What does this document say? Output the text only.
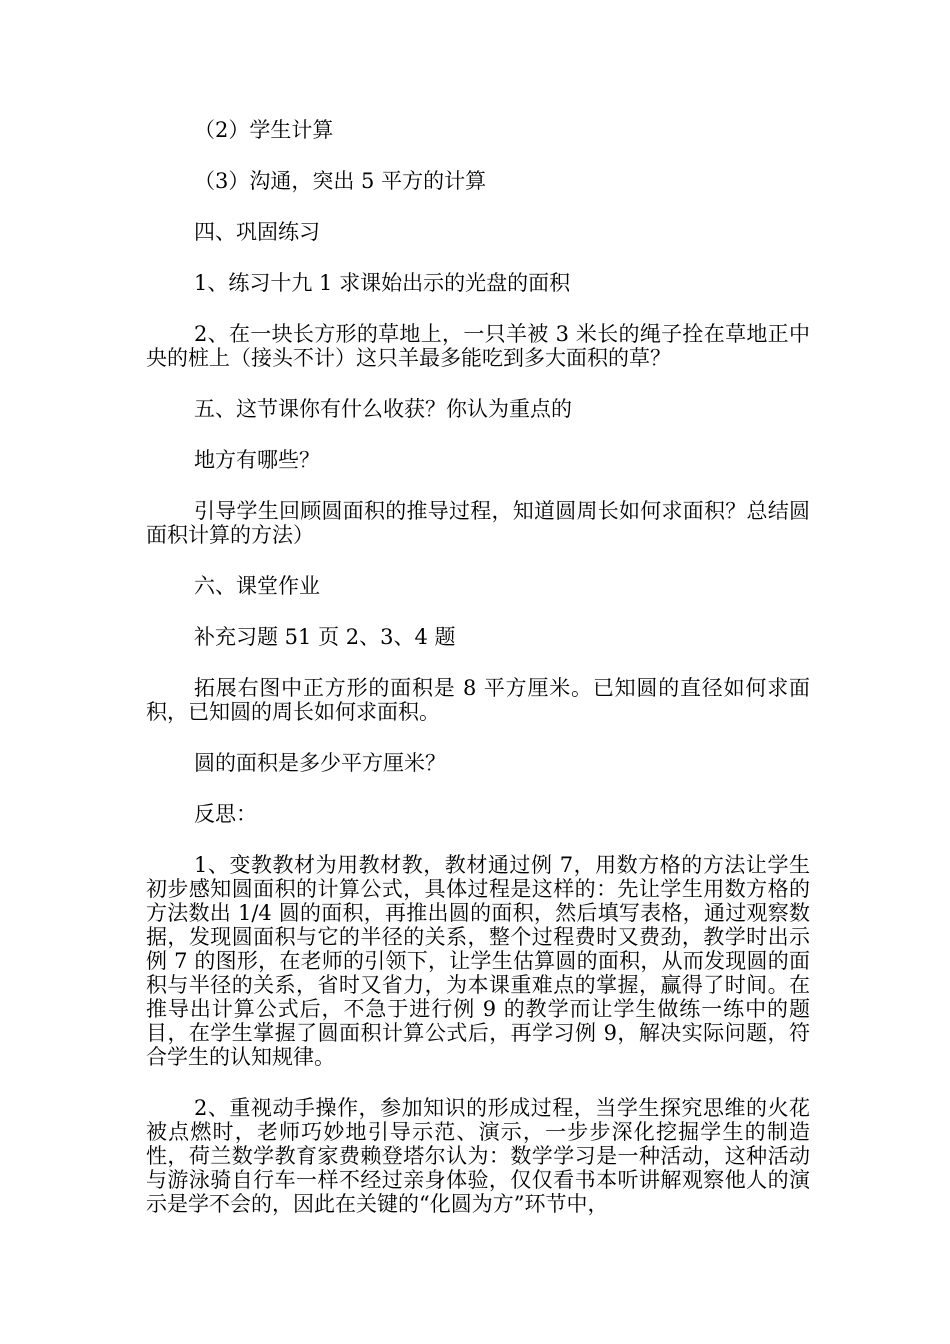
（2）学生计算

（3）沟通，突出 5 平方的计算

四、巩固练习

1、练习十九 1 求课始出示的光盘的面积

2、在一块长方形的草地上，一只羊被 3 米长的绳子拴在草地正中央的桩上（接头不计）这只羊最多能吃到多大面积的草？

五、这节课你有什么收获？你认为重点的

地方有哪些？

引导学生回顾圆面积的推导过程，知道圆周长如何求面积？总结圆面积计算的方法）

六、课堂作业

补充习题 51 页 2、3、4 题

拓展右图中正方形的面积是 8 平方厘米。已知圆的直径如何求面积，已知圆的周长如何求面积。

圆的面积是多少平方厘米？

反思：

1、变教教材为用教材教，教材通过例 7，用数方格的方法让学生初步感知圆面积的计算公式，具体过程是这样的：先让学生用数方格的方法数出 1/4 圆的面积，再推出圆的面积，然后填写表格，通过观察数据，发现圆面积与它的半径的关系，整个过程费时又费劲，教学时出示例 7 的图形，在老师的引领下，让学生估算圆的面积，从而发现圆的面积与半径的关系，省时又省力，为本课重难点的掌握，赢得了时间。在推导出计算公式后，不急于进行例 9 的教学而让学生做练一练中的题目，在学生掌握了圆面积计算公式后，再学习例 9，解决实际问题，符合学生的认知规律。

2、重视动手操作，参加知识的形成过程，当学生探究思维的火花被点燃时，老师巧妙地引导示范、演示，一步步深化挖掘学生的制造性，荷兰数学教育家费赖登塔尔认为：数学学习是一种活动，这种活动与游泳骑自行车一样不经过亲身体验，仅仅看书本听讲解观察他人的演示是学不会的，因此在关键的“化圆为方”环节中，
